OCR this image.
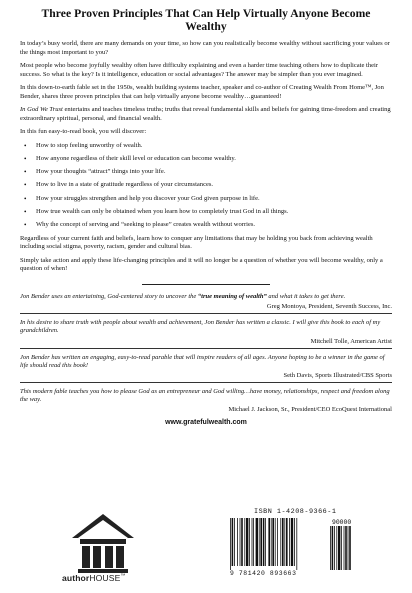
Three Proven Principles That Can Help Virtually Anyone Become Wealthy

In today’s busy world, there are many demands on your time, so how can you realistically become wealthy without sacrificing your values or the things most important to you?

Most people who become joyfully wealthy often have difficulty explaining and even a harder time teaching others how to duplicate their success. So what is the key? Is it intelligence, education or social advantages? The answer may be simpler than you ever imagined.

In this down-to-earth fable set in the 1950s, wealth building systems teacher, speaker and co-author of Creating Wealth From Home™, Jon Bender, shares three proven principles that can help virtually anyone become wealthy…guaranteed!

In God We Trust entertains and teaches timeless truths; truths that reveal fundamental skills and beliefs for gaining time-freedom and creating extraordinary spiritual, personal, and financial wealth.

In this fun easy-to-read book, you will discover:

• How to stop feeling unworthy of wealth.
• How anyone regardless of their skill level or education can become wealthy.
• How your thoughts “attract” things into your life.
• How to live in a state of gratitude regardless of your circumstances.
• How your struggles strengthen and help you discover your God given purpose in life.
• How true wealth can only be obtained when you learn how to completely trust God in all things.
• Why the concept of serving and “seeking to please” creates wealth without worries.

Regardless of your current faith and beliefs, learn how to conquer any limitations that may be holding you back from achieving wealth including social stigma, poverty, racism, gender and cultural bias.

Simply take action and apply these life-changing principles and it will no longer be a question of whether you will become wealthy, only a question of when!

Jon Bender uses an entertaining, God-centered story to uncover the “true meaning of wealth” and what it takes to get there.

Greg Montoya, President, Seventh Success, Inc.

In his desire to share truth with people about wealth and achievement, Jon Bender has written a classic. I will give this book to each of my grandchildren.

Mitchell Tolle, American Artist

Jon Bender has written an engaging, easy-to-read parable that will inspire readers of all ages. Anyone hoping to be a winner in the game of life should read this book!

Seth Davis, Sports Illustrated/CBS Sports

This modern fable teaches you how to please God as an entrepreneur and God willing…have money, relationships, respect and freedom along the way.

Michael J. Jackson, Sr., President/CEO EcoQuest International

www.gratefulwealth.com

authorHOUSE™
ISBN 1-4208-9366-1
90000
9 781420 893663
